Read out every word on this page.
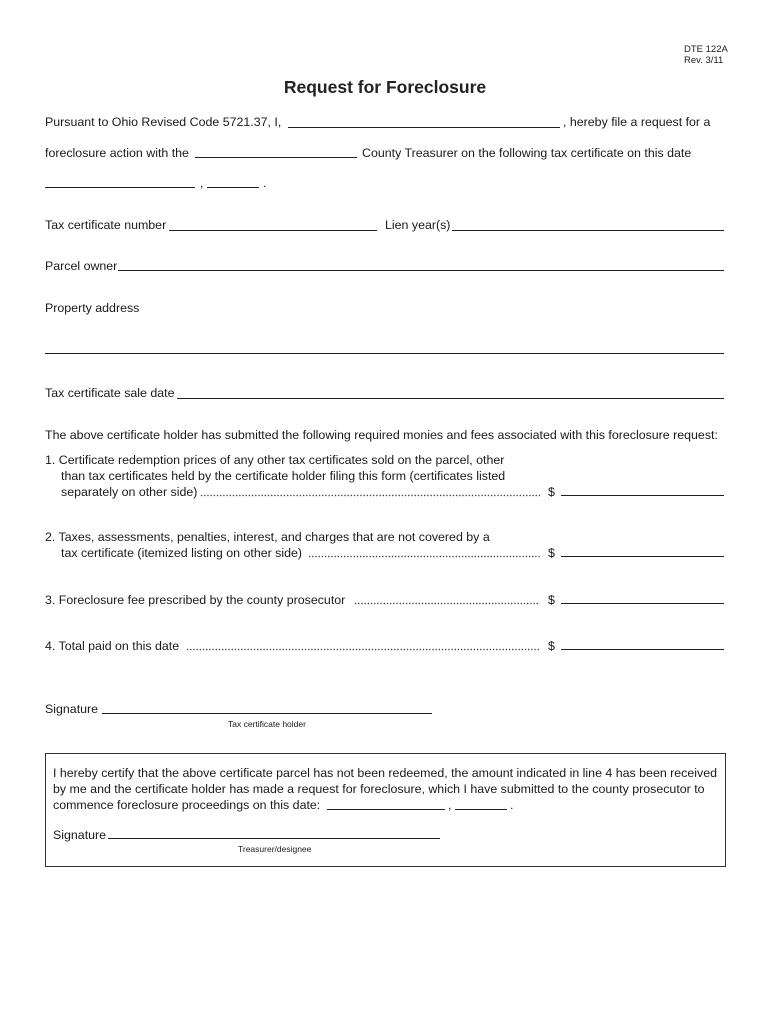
DTE 122A
Rev. 3/11
Request for Foreclosure
Pursuant to Ohio Revised Code 5721.37, I,	, hereby file a request for a
foreclosure action with the	County Treasurer on the following tax certificate on this date
,	.
Tax certificate number	Lien year(s)
Parcel owner
Property address
Tax certificate sale date
The above certificate holder has submitted the following required monies and fees associated with this foreclosure request:
1. Certificate redemption prices of any other tax certificates sold on the parcel, other
than tax certificates held by the certificate holder filing this form (certificates listed
separately on other side)	$
2. Taxes, assessments, penalties, interest, and charges that are not covered by a
tax certificate (itemized listing on other side)	$
3. Foreclosure fee prescribed by the county prosecutor	$
4. Total paid on this date	$
Signature
Tax certificate holder
I hereby certify that the above certificate parcel has not been redeemed, the amount indicated in line 4 has been received
by me and the certificate holder has made a request for foreclosure, which I have submitted to the county prosecutor to
commence foreclosure proceedings on this date:	,	.
Signature
Treasurer/designee
